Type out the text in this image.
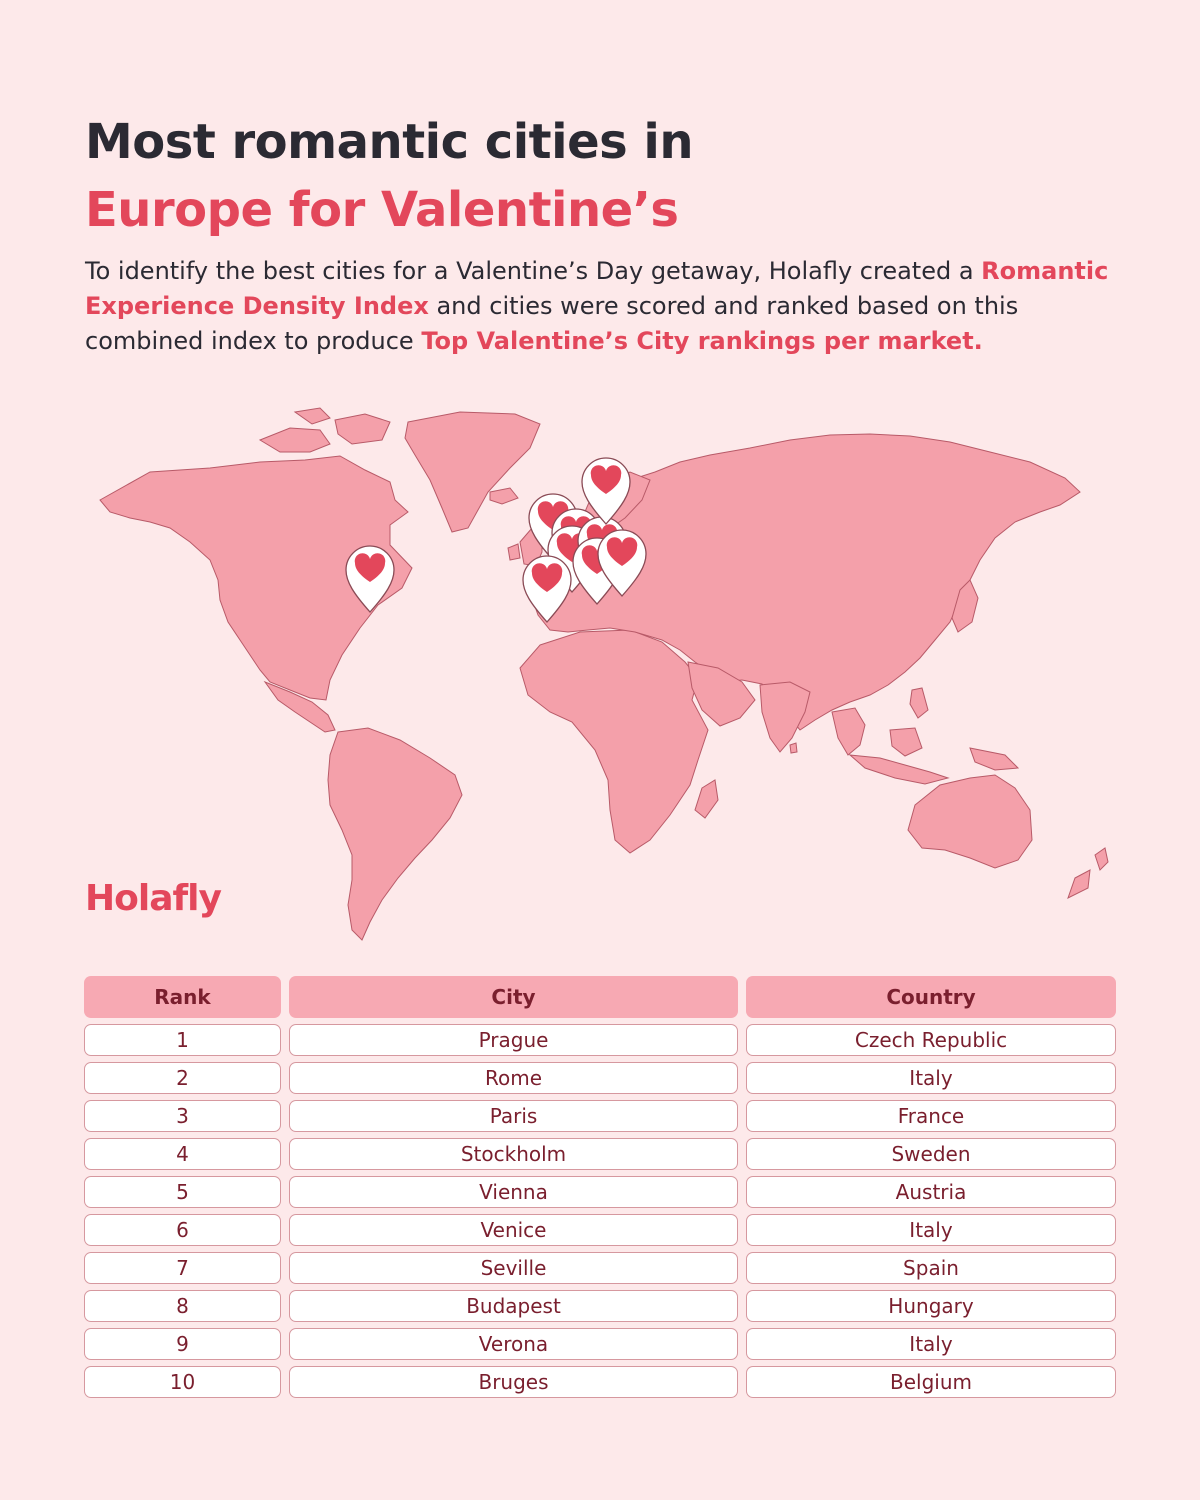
Most romantic cities in
Europe for Valentine’s
To identify the best cities for a Valentine’s Day getaway, Holafly created a Romantic Experience Density Index and cities were scored and ranked based on this combined index to produce Top Valentine’s City rankings per market.
Holafly
Rank	City	Country
1	Prague	Czech Republic
2	Rome	Italy
3	Paris	France
4	Stockholm	Sweden
5	Vienna	Austria
6	Venice	Italy
7	Seville	Spain
8	Budapest	Hungary
9	Verona	Italy
10	Bruges	Belgium
